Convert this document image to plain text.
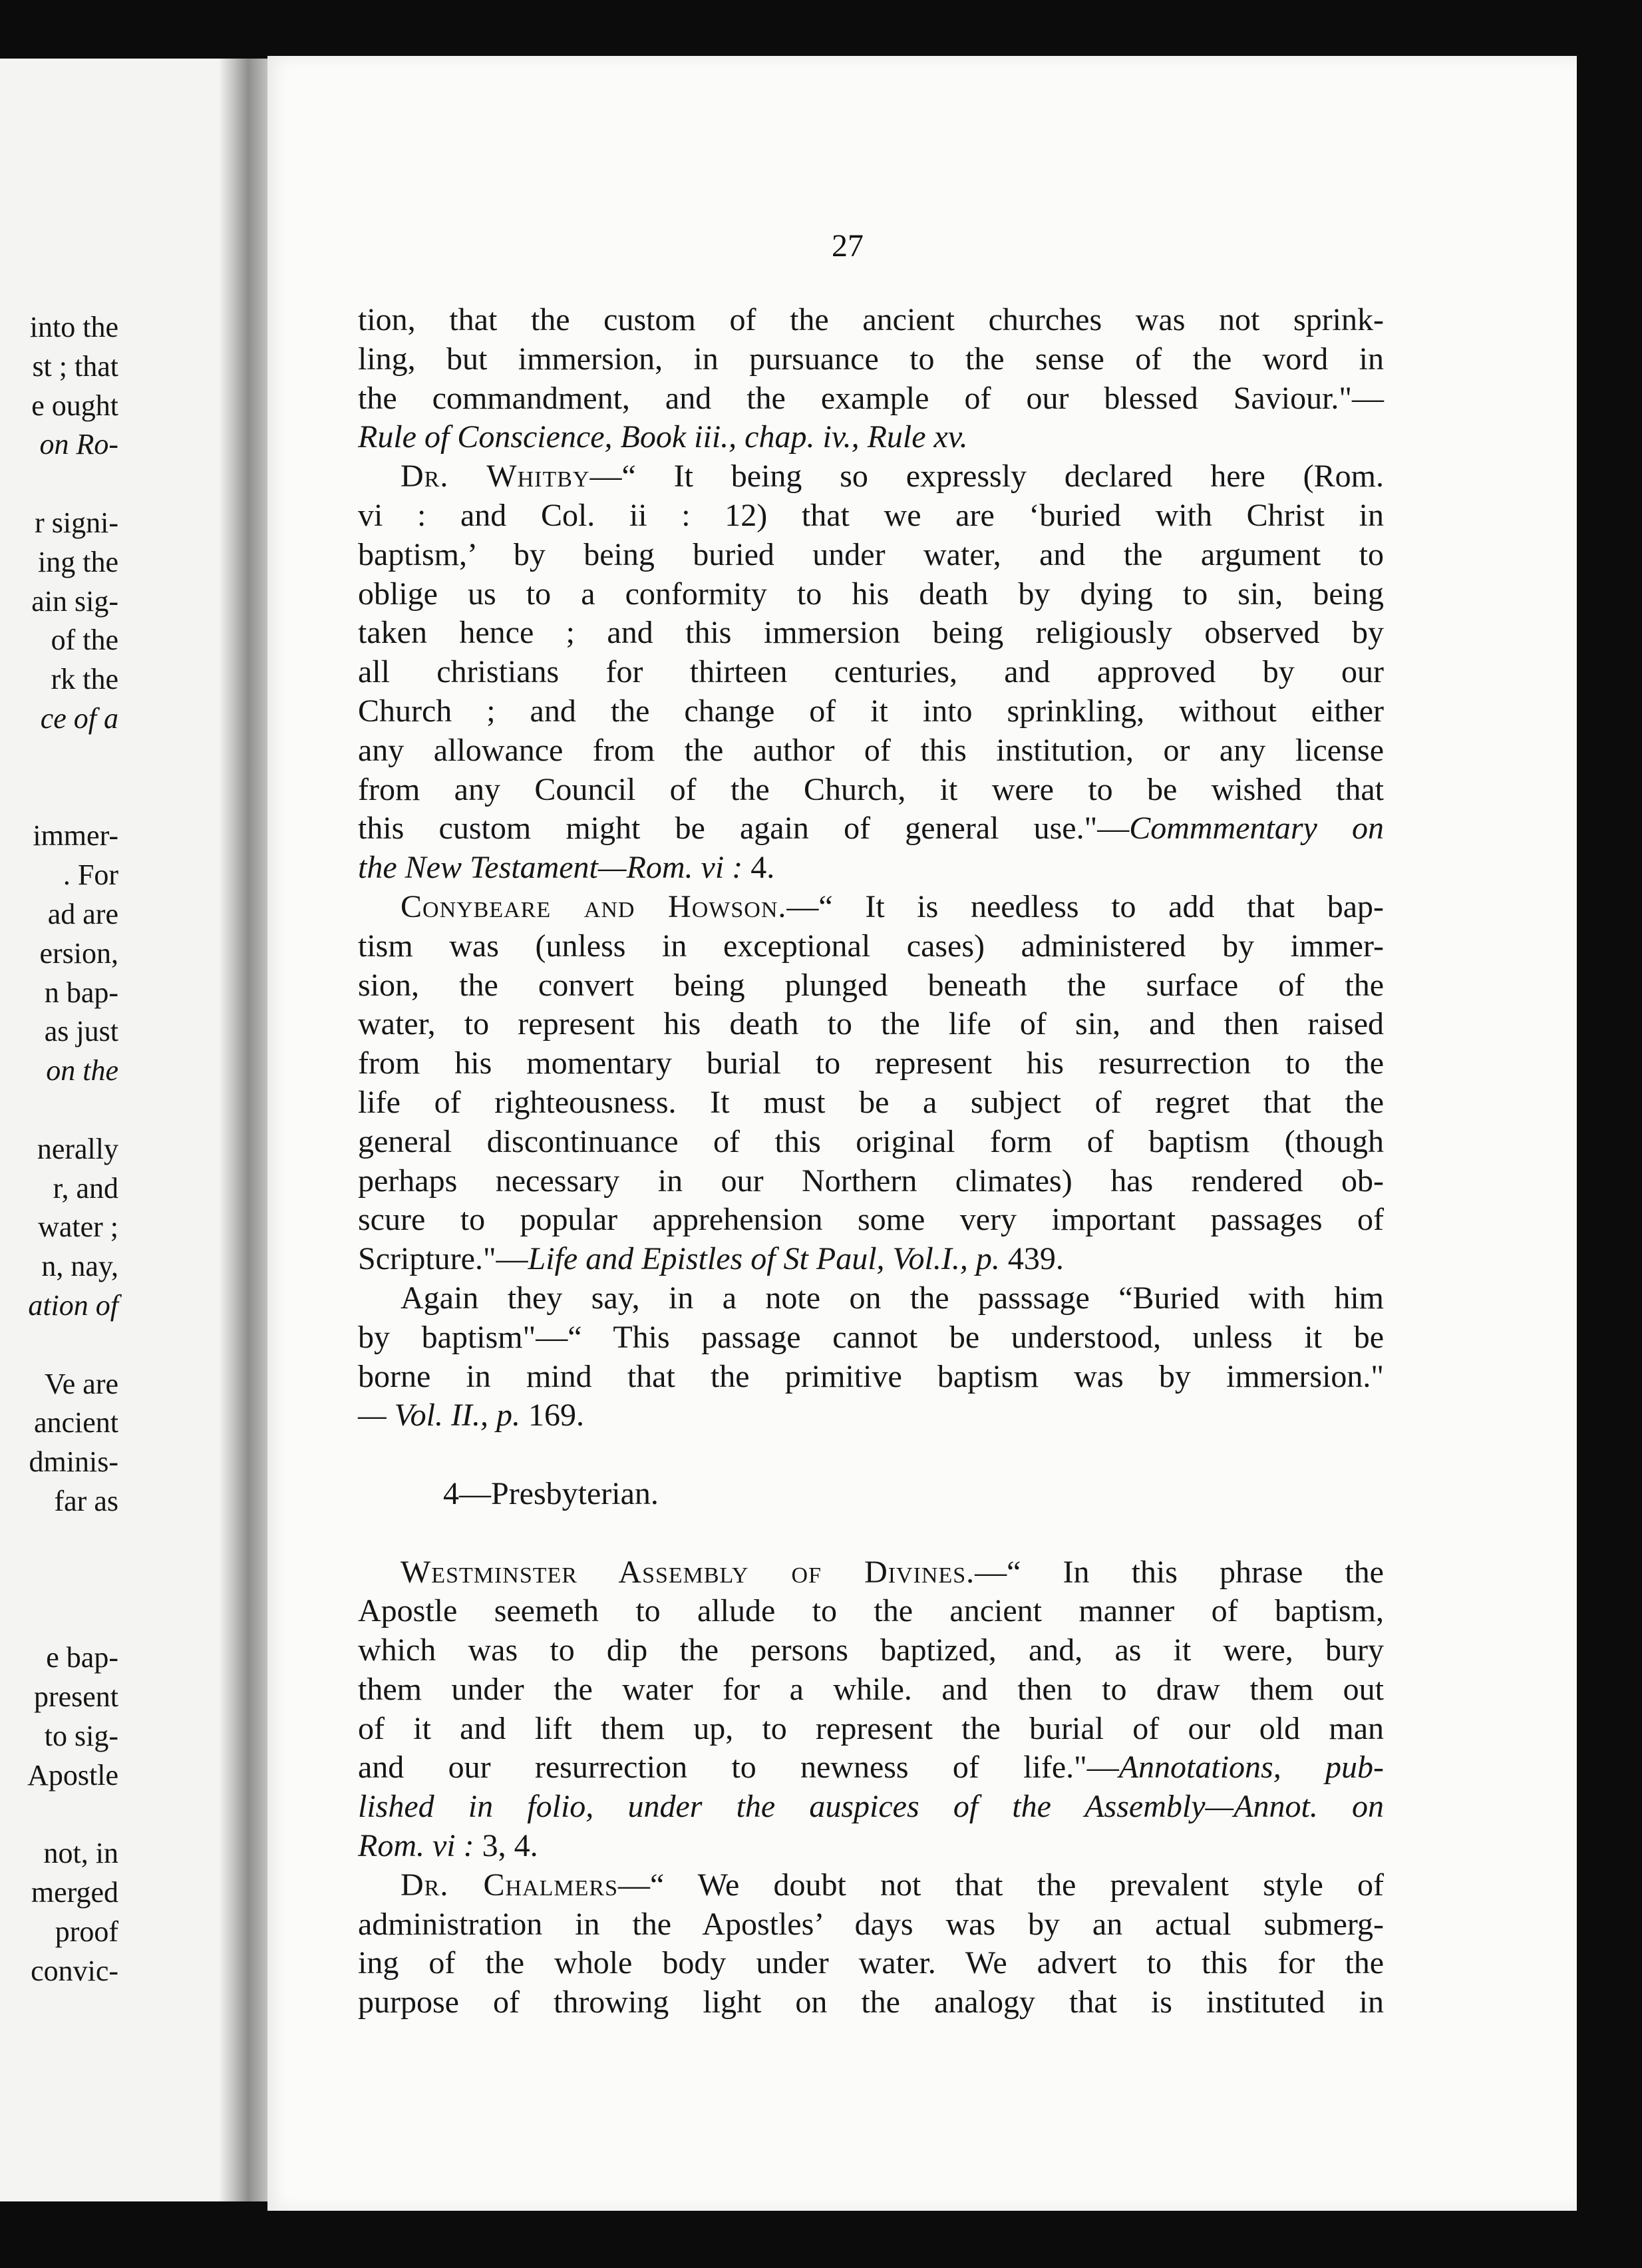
into the
st ; that
e ought
on Ro-
r signi-
ing the
ain sig-
of the
rk the
ce of a
immer-
. For
ad are
ersion,
n bap-
as just
on the
nerally
r, and
water ;
n, nay,
ation of
Ve are
ancient
dminis-
far as
e bap-
present
to sig-
Apostle
not, in
merged
proof
convic-
27
tion, that the custom of the ancient churches was not sprink-
ling, but immersion, in pursuance to the sense of the word in
the commandment, and the example of our blessed Saviour."—
Rule of Conscience, Book iii., chap. iv., Rule xv.
Dr. Whitby—“ It being so expressly declared here (Rom.
vi : and Col. ii : 12) that we are ‘buried with Christ in
baptism,’ by being buried under water, and the argument to
oblige us to a conformity to his death by dying to sin, being
taken hence ; and this immersion being religiously observed by
all christians for thirteen centuries, and approved by our
Church ; and the change of it into sprinkling, without either
any allowance from the author of this institution, or any license
from any Council of the Church, it were to be wished that
this custom might be again of general use."—Commmentary on
the New Testament—Rom. vi : 4.
Conybeare and Howson.—“ It is needless to add that bap-
tism was (unless in exceptional cases) administered by immer-
sion, the convert being plunged beneath the surface of the
water, to represent his death to the life of sin, and then raised
from his momentary burial to represent his resurrection to the
life of righteousness. It must be a subject of regret that the
general discontinuance of this original form of baptism (though
perhaps necessary in our Northern climates) has rendered ob-
scure to popular apprehension some very important passages of
Scripture."—Life and Epistles of St Paul, Vol.I., p. 439.
Again they say, in a note on the passsage “Buried with him
by baptism"—“ This passage cannot be understood, unless it be
borne in mind that the primitive baptism was by immersion."
— Vol. II., p. 169.
4—Presbyterian.
Westminster Assembly of Divines.—“ In this phrase the
Apostle seemeth to allude to the ancient manner of baptism,
which was to dip the persons baptized, and, as it were, bury
them under the water for a while. and then to draw them out
of it and lift them up, to represent the burial of our old man
and our resurrection to newness of life."—Annotations, pub-
lished in folio, under the auspices of the Assembly—Annot. on
Rom. vi : 3, 4.
Dr. Chalmers—“ We doubt not that the prevalent style of
administration in the Apostles’ days was by an actual submerg-
ing of the whole body under water. We advert to this for the
purpose of throwing light on the analogy that is instituted in
